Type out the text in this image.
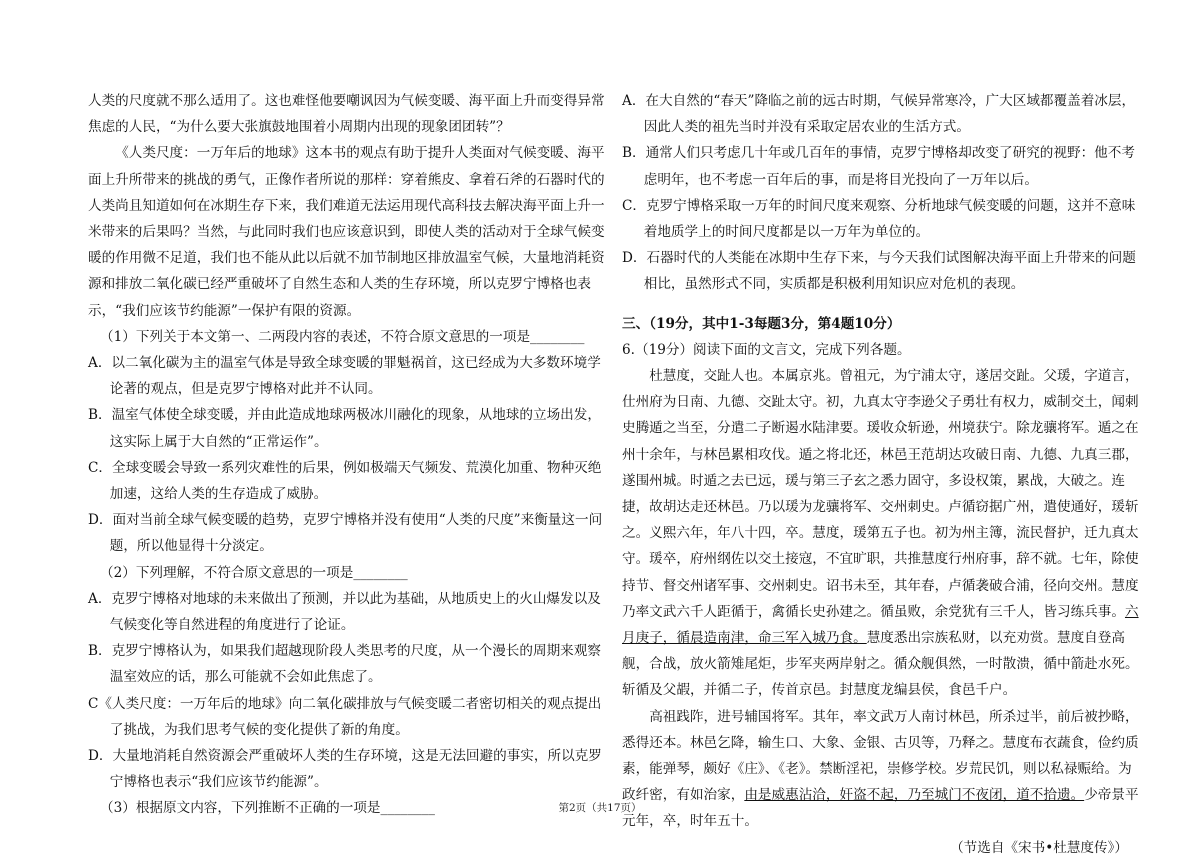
人类的尺度就不那么适用了。这也难怪他要嘲讽因为气候变暖、海平面上升而变得异常焦虑的人民，“为什么要大张旗鼓地围着小周期内出现的现象团团转”？

《人类尺度：一万年后的地球》这本书的观点有助于提升人类面对气候变暖、海平面上升所带来的挑战的勇气，正像作者所说的那样：穿着熊皮、拿着石斧的石器时代的人类尚且知道如何在冰期生存下来，我们难道无法运用现代高科技去解决海平面上升一米带来的后果吗？当然，与此同时我们也应该意识到，即使人类的活动对于全球气候变暖的作用微不足道，我们也不能从此以后就不加节制地区排放温室气候，大量地消耗资源和排放二氧化碳已经严重破坏了自然生态和人类的生存环境，所以克罗宁博格也表示，“我们应该节约能源”一保护有限的资源。

（1）下列关于本文第一、二两段内容的表述，不符合原文意思的一项是________

A．以二氧化碳为主的温室气体是导致全球变暖的罪魁祸首，这已经成为大多数环境学论著的观点，但是克罗宁博格对此并不认同。

B．温室气体使全球变暖，并由此造成地球两极冰川融化的现象，从地球的立场出发，这实际上属于大自然的“正常运作”。

C．全球变暖会导致一系列灾难性的后果，例如极端天气频发、荒漠化加重、物种灭绝加速，这给人类的生存造成了威胁。

D．面对当前全球气候变暖的趋势，克罗宁博格并没有使用“人类的尺度”来衡量这一问题，所以他显得十分淡定。

（2）下列理解，不符合原文意思的一项是________

A．克罗宁博格对地球的未来做出了预测，并以此为基础，从地质史上的火山爆发以及气候变化等自然进程的角度进行了论证。

B．克罗宁博格认为，如果我们超越现阶段人类思考的尺度，从一个漫长的周期来观察温室效应的话，那么可能就不会如此焦虑了。

C《人类尺度：一万年后的地球》向二氧化碳排放与气候变暖二者密切相关的观点提出了挑战，为我们思考气候的变化提供了新的角度。

D．大量地消耗自然资源会严重破坏人类的生存环境，这是无法回避的事实，所以克罗宁博格也表示“我们应该节约能源”。

（3）根据原文内容，下列推断不正确的一项是________

A．在大自然的“春天”降临之前的远古时期，气候异常寒冷，广大区域都覆盖着冰层，因此人类的祖先当时并没有采取定居农业的生活方式。

B．通常人们只考虑几十年或几百年的事情，克罗宁博格却改变了研究的视野：他不考虑明年，也不考虑一百年后的事，而是将目光投向了一万年以后。

C．克罗宁博格采取一万年的时间尺度来观察、分析地球气候变暖的问题，这并不意味着地质学上的时间尺度都是以一万年为单位的。

D．石器时代的人类能在冰期中生存下来，与今天我们试图解决海平面上升带来的问题相比，虽然形式不同，实质都是积极利用知识应对危机的表现。

三、（19分，其中1-3每题3分，第4题10分）

6.（19分）阅读下面的文言文，完成下列各题。

杜慧度，交趾人也。本属京兆。曾祖元，为宁浦太守，遂居交趾。父瑗，字道言，仕州府为日南、九德、交趾太守。初，九真太守李逊父子勇壮有权力，威制交土，闻刺史腾遁之当至，分遣二子断遏水陆津要。瑗收众斩逊，州境获宁。除龙骧将军。遁之在州十余年，与林邑累相攻伐。遁之将北还，林邑王范胡达攻破日南、九德、九真三郡，遂围州城。时遁之去已远，瑗与第三子玄之悉力固守，多设权策，累战，大破之。连捷，故胡达走还林邑。乃以瑗为龙骧将军、交州刺史。卢循窃据广州，遣使通好，瑗斩之。义熙六年，年八十四，卒。慧度，瑗第五子也。初为州主簿，流民督护，迁九真太守。瑗卒，府州纲佐以交土接寇，不宜旷职，共推慧度行州府事，辞不就。七年，除使持节、督交州诸军事、交州刺史。诏书未至，其年春，卢循袭破合浦，径向交州。慧度乃率文武六千人距循于，禽循长史孙建之。循虽败，余党犹有三千人，皆习练兵事。六月庚子，循晨造南津，命三军入城乃食。慧度悉出宗族私财，以充劝赏。慧度自登高舰，合战，放火箭雉尾炬，步军夹两岸射之。循众舰俱然，一时散溃，循中箭赴水死。斩循及父嘏，并循二子，传首京邑。封慧度龙编县侯，食邑千户。

高祖践阼，进号辅国将军。其年，率文武万人南讨林邑，所杀过半，前后被抄略，悉得还本。林邑乞降，输生口、大象、金银、古贝等，乃释之。慧度布衣蔬食，俭约质素，能弹琴，颇好《庄》、《老》。禁断淫祀，崇修学校。岁荒民饥，则以私禄赈给。为政纤密，有如治家，由是威惠沾洽，奸盗不起，乃至城门不夜闭，道不拾遗。少帝景平元年，卒，时年五十。

（节选自《宋书•杜慧度传》）

第2页（共17页）
